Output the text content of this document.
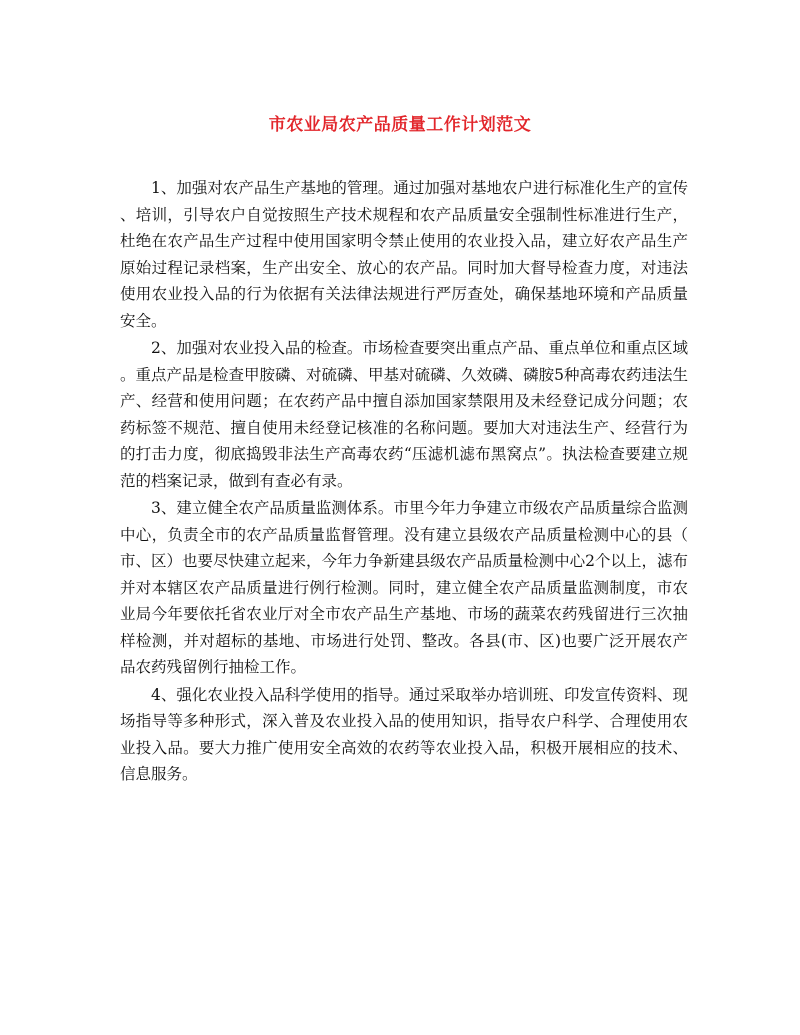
市农业局农产品质量工作计划范文

1、加强对农产品生产基地的管理。通过加强对基地农户进行标准化生产的宣传、培训，引导农户自觉按照生产技术规程和农产品质量安全强制性标准进行生产，杜绝在农产品生产过程中使用国家明令禁止使用的农业投入品，建立好农产品生产原始过程记录档案，生产出安全、放心的农产品。同时加大督导检查力度，对违法使用农业投入品的行为依据有关法律法规进行严厉查处，确保基地环境和产品质量安全。

2、加强对农业投入品的检查。市场检查要突出重点产品、重点单位和重点区域。重点产品是检查甲胺磷、对硫磷、甲基对硫磷、久效磷、磷胺5种高毒农药违法生产、经营和使用问题；在农药产品中擅自添加国家禁限用及未经登记成分问题；农药标签不规范、擅自使用未经登记核准的名称问题。要加大对违法生产、经营行为的打击力度，彻底捣毁非法生产高毒农药“压滤机滤布黑窝点”。执法检查要建立规范的档案记录，做到有查必有录。

3、建立健全农产品质量监测体系。市里今年力争建立市级农产品质量综合监测中心，负责全市的农产品质量监督管理。没有建立县级农产品质量检测中心的县（市、区）也要尽快建立起来，今年力争新建县级农产品质量检测中心2个以上，滤布并对本辖区农产品质量进行例行检测。同时，建立健全农产品质量监测制度，市农业局今年要依托省农业厅对全市农产品生产基地、市场的蔬菜农药残留进行三次抽样检测，并对超标的基地、市场进行处罚、整改。各县(市、区)也要广泛开展农产品农药残留例行抽检工作。

4、强化农业投入品科学使用的指导。通过采取举办培训班、印发宣传资料、现场指导等多种形式，深入普及农业投入品的使用知识，指导农户科学、合理使用农业投入品。要大力推广使用安全高效的农药等农业投入品，积极开展相应的技术、信息服务。
